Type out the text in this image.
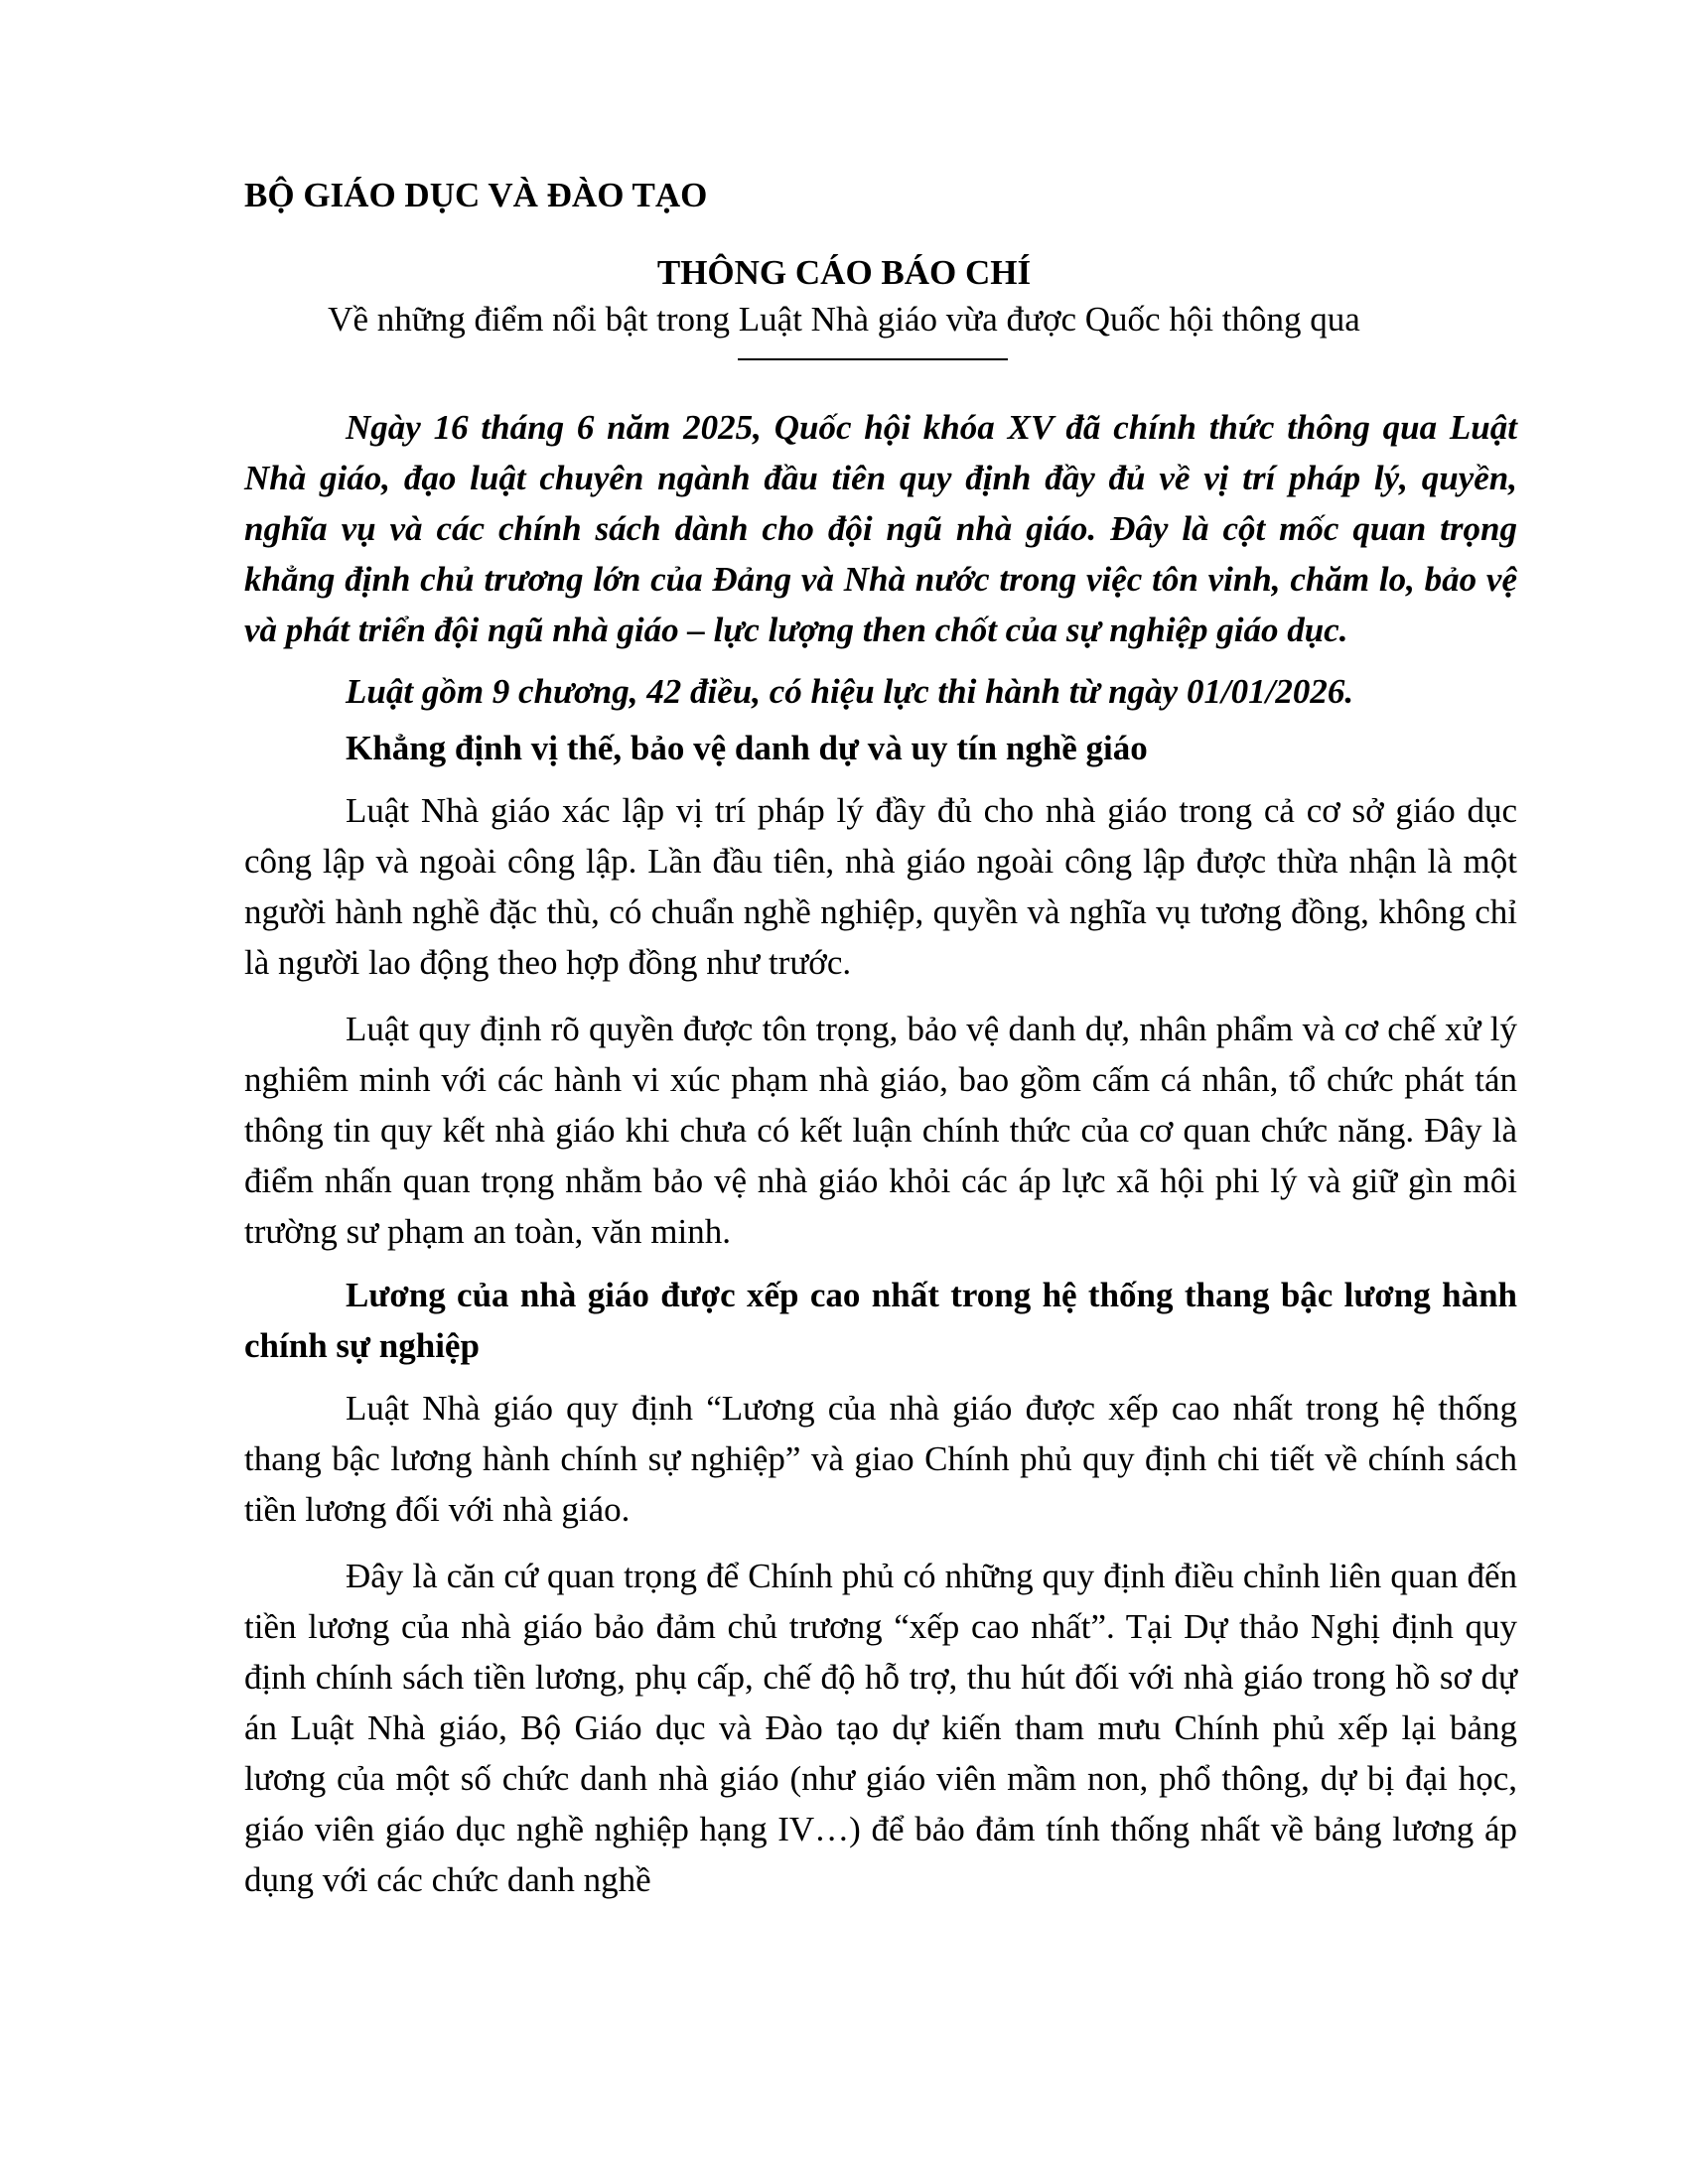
BỘ GIÁO DỤC VÀ ĐÀO TẠO

THÔNG CÁO BÁO CHÍ

Về những điểm nổi bật trong Luật Nhà giáo vừa được Quốc hội thông qua

Ngày 16 tháng 6 năm 2025, Quốc hội khóa XV đã chính thức thông qua Luật Nhà giáo, đạo luật chuyên ngành đầu tiên quy định đầy đủ về vị trí pháp lý, quyền, nghĩa vụ và các chính sách dành cho đội ngũ nhà giáo. Đây là cột mốc quan trọng khẳng định chủ trương lớn của Đảng và Nhà nước trong việc tôn vinh, chăm lo, bảo vệ và phát triển đội ngũ nhà giáo – lực lượng then chốt của sự nghiệp giáo dục.

Luật gồm 9 chương, 42 điều, có hiệu lực thi hành từ ngày 01/01/2026.

Khẳng định vị thế, bảo vệ danh dự và uy tín nghề giáo

Luật Nhà giáo xác lập vị trí pháp lý đầy đủ cho nhà giáo trong cả cơ sở giáo dục công lập và ngoài công lập. Lần đầu tiên, nhà giáo ngoài công lập được thừa nhận là một người hành nghề đặc thù, có chuẩn nghề nghiệp, quyền và nghĩa vụ tương đồng, không chỉ là người lao động theo hợp đồng như trước.

Luật quy định rõ quyền được tôn trọng, bảo vệ danh dự, nhân phẩm và cơ chế xử lý nghiêm minh với các hành vi xúc phạm nhà giáo, bao gồm cấm cá nhân, tổ chức phát tán thông tin quy kết nhà giáo khi chưa có kết luận chính thức của cơ quan chức năng. Đây là điểm nhấn quan trọng nhằm bảo vệ nhà giáo khỏi các áp lực xã hội phi lý và giữ gìn môi trường sư phạm an toàn, văn minh.

Lương của nhà giáo được xếp cao nhất trong hệ thống thang bậc lương hành chính sự nghiệp

Luật Nhà giáo quy định “Lương của nhà giáo được xếp cao nhất trong hệ thống thang bậc lương hành chính sự nghiệp” và giao Chính phủ quy định chi tiết về chính sách tiền lương đối với nhà giáo.

Đây là căn cứ quan trọng để Chính phủ có những quy định điều chỉnh liên quan đến tiền lương của nhà giáo bảo đảm chủ trương “xếp cao nhất”. Tại Dự thảo Nghị định quy định chính sách tiền lương, phụ cấp, chế độ hỗ trợ, thu hút đối với nhà giáo trong hồ sơ dự án Luật Nhà giáo, Bộ Giáo dục và Đào tạo dự kiến tham mưu Chính phủ xếp lại bảng lương của một số chức danh nhà giáo (như giáo viên mầm non, phổ thông, dự bị đại học, giáo viên giáo dục nghề nghiệp hạng IV…) để bảo đảm tính thống nhất về bảng lương áp dụng với các chức danh nghề
